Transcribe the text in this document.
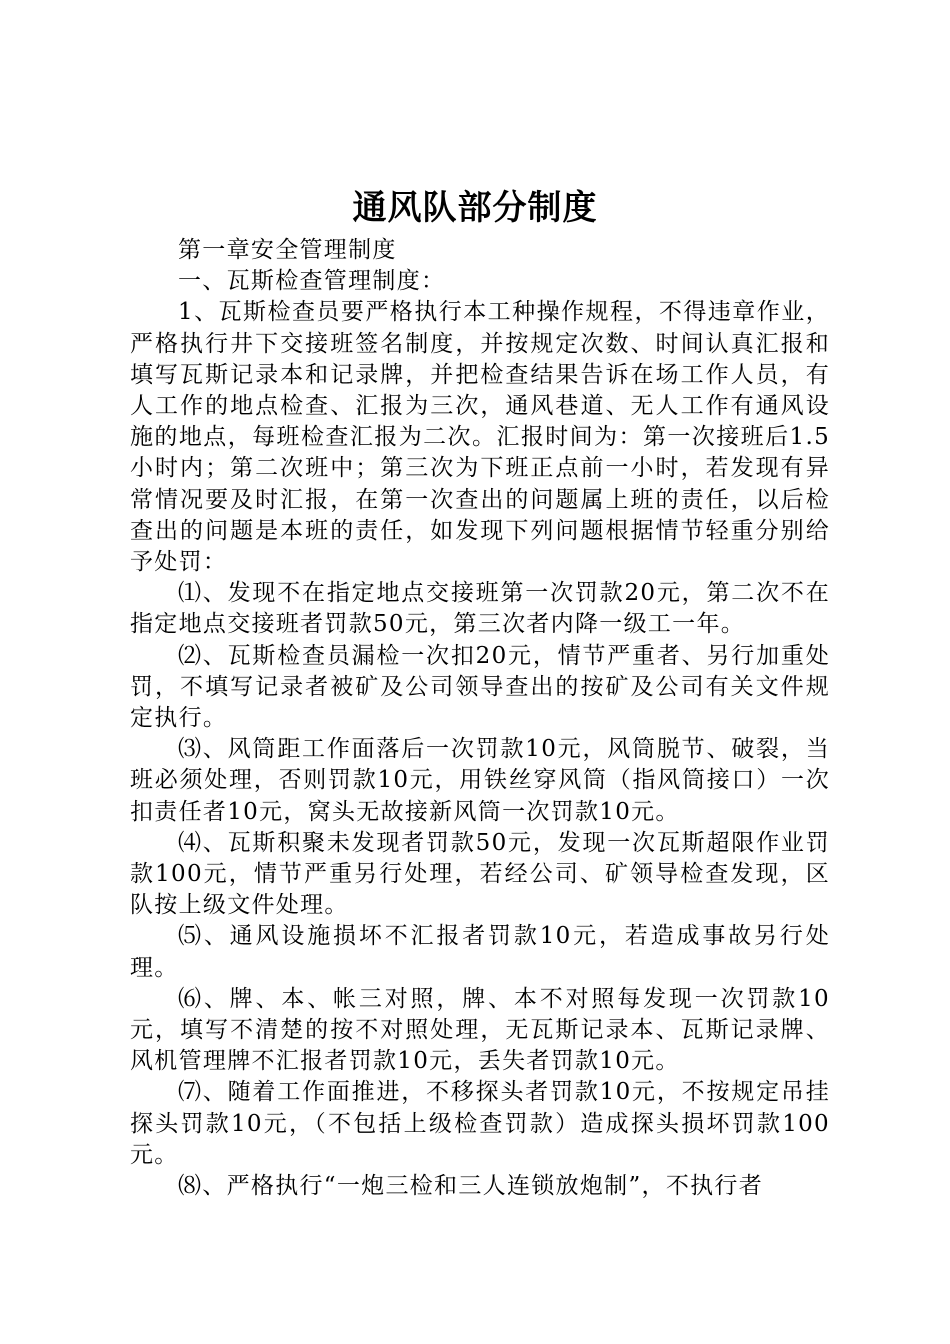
通风队部分制度

第一章安全管理制度

一、瓦斯检查管理制度：

1、瓦斯检查员要严格执行本工种操作规程，不得违章作业，严格执行井下交接班签名制度，并按规定次数、时间认真汇报和填写瓦斯记录本和记录牌，并把检查结果告诉在场工作人员，有人工作的地点检查、汇报为三次，通风巷道、无人工作有通风设施的地点，每班检查汇报为二次。汇报时间为：第一次接班后1.5小时内；第二次班中；第三次为下班正点前一小时，若发现有异常情况要及时汇报，在第一次查出的问题属上班的责任，以后检查出的问题是本班的责任，如发现下列问题根据情节轻重分别给予处罚：

⑴、发现不在指定地点交接班第一次罚款20元，第二次不在指定地点交接班者罚款50元，第三次者内降一级工一年。

⑵、瓦斯检查员漏检一次扣20元，情节严重者、另行加重处罚，不填写记录者被矿及公司领导查出的按矿及公司有关文件规定执行。

⑶、风筒距工作面落后一次罚款10元，风筒脱节、破裂，当班必须处理，否则罚款10元，用铁丝穿风筒（指风筒接口）一次扣责任者10元，窝头无故接新风筒一次罚款10元。

⑷、瓦斯积聚未发现者罚款50元，发现一次瓦斯超限作业罚款100元，情节严重另行处理，若经公司、矿领导检查发现，区队按上级文件处理。

⑸、通风设施损坏不汇报者罚款10元，若造成事故另行处理。

⑹、牌、本、帐三对照，牌、本不对照每发现一次罚款10元，填写不清楚的按不对照处理，无瓦斯记录本、瓦斯记录牌、风机管理牌不汇报者罚款10元，丢失者罚款10元。

⑺、随着工作面推进，不移探头者罚款10元，不按规定吊挂探头罚款10元，（不包括上级检查罚款）造成探头损坏罚款100元。

⑻、严格执行“一炮三检和三人连锁放炮制”，不执行者
